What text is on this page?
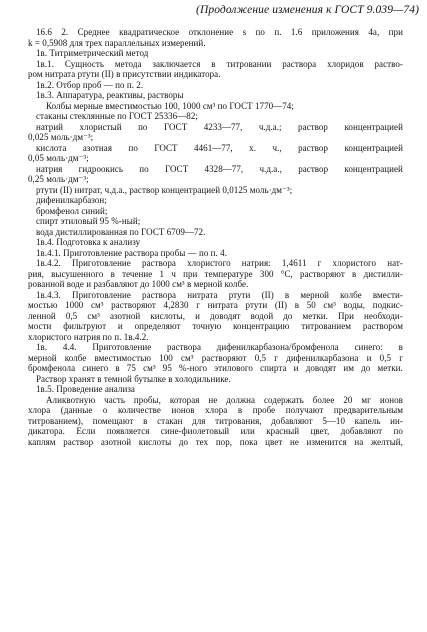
(Продолжение изменения к ГОСТ 9.039—74)
16.6 2. Среднее квадратическое отклонение s по п. 1.6 приложения 4а, при
k = 0,5908 для трех параллельных измерений.
1в. Титриметрический метод
1в.1. Сущность метода заключается в титровании раствора хлоридов раство-
ром нитрата ртути (II) в присутствии индикатора.
1в.2. Отбор проб — по п. 2.
1в.3. Аппаратура, реактивы, растворы
Колбы мерные вместимостью 100, 1000 см³ по ГОСТ 1770—74;
стаканы стеклянные по ГОСТ 25336—82;
натрий хлористый по ГОСТ 4233—77, ч.д.а.; раствор концентрацией
0,025 моль·дм⁻³;
кислота азотная по ГОСТ 4461—77, х. ч., раствор концентрацией
0,05 моль·дм⁻³;
натрия гидроокись по ГОСТ 4328—77, ч.д.а., раствор концентрацией
0,25 моль·дм⁻³;
ртути (II) нитрат, ч.д.а., раствор концентрацией 0,0125 моль·дм⁻³;
дифенилкарбазон;
бромфенол синий;
спирт этиловый 95 %-ный;
вода дистиллированная по ГОСТ 6709—72.
1в.4. Подготовка к анализу
1в.4.1. Приготовление раствора пробы — по п. 4.
1в.4.2. Приготовление раствора хлористого натрия: 1,4611 г хлористого нат-
рия, высушенного в течение 1 ч при температуре 300 °С, растворяют в дистилли-
рованной воде и разбавляют до 1000 см³ в мерной колбе.
1в.4.3. Приготовление раствора нитрата ртути (II) в мерной колбе вмести-
мостью 1000 см³ растворяют 4,2830 г нитрата ртути (II) в 50 см³ воды, подкис-
ленной 0,5 см³ азотной кислоты, и доводят водой до метки. При необходи-
мости фильтруют и определяют точную концентрацию титрованием раствором
хлористого натрия по п. 1в.4.2.
1в. 4.4. Приготовление раствора дифенилкарбазона/бромфенола синего: в
мерной колбе вместимостью 100 см³ растворяют 0,5 г дифенилкарбазона и 0,5 г
бромфенола синего в 75 см³ 95 %-ного этилового спирта и доводят им до метки.
Раствор хранят в темной бутылке в холодильнике.
1в.5. Проведение анализа
Аликвотную часть пробы, которая не должна содержать более 20 мг ионов
хлора (данные о количестве ионов хлора в пробе получают предварительным
титрованием), помещают в стакан для титрования, добавляют 5—10 капель ин-
дикатора. Если появляется сине-фиолетовый или красный цвет, добавляют по
каплям раствор азотной кислоты до тех пор, пока цвет не изменится на желтый,
